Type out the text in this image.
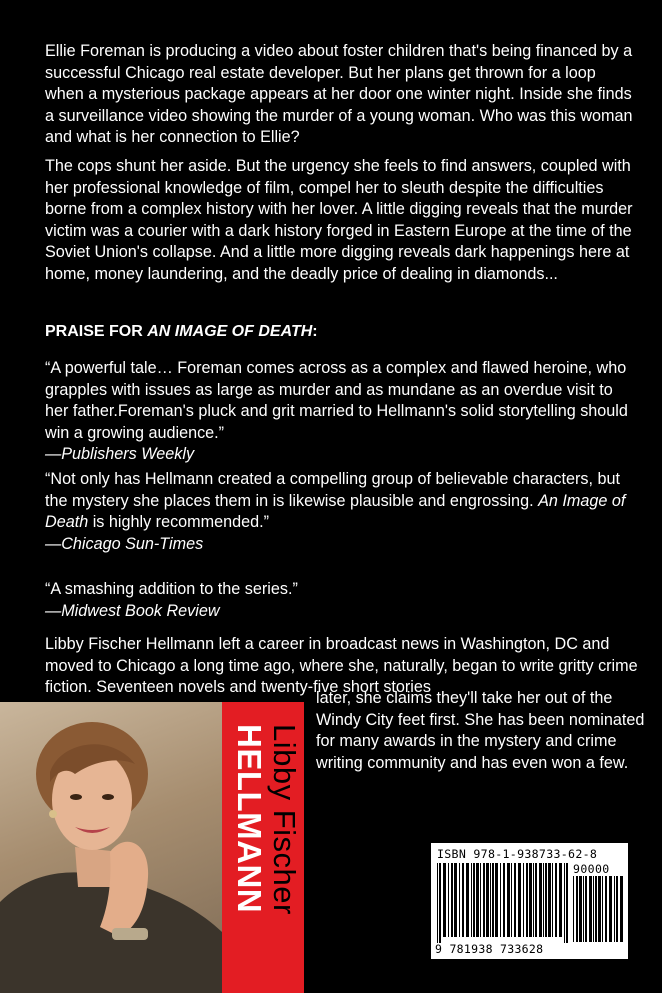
Ellie Foreman is producing a video about foster children that's being financed by a successful Chicago real estate developer. But her plans get thrown for a loop when a mysterious package appears at her door one winter night. Inside she finds a surveillance video showing the murder of a young woman. Who was this woman and what is her connection to Ellie?

The cops shunt her aside. But the urgency she feels to find answers, coupled with her professional knowledge of film, compel her to sleuth despite the difficulties borne from a complex history with her lover. A little digging reveals that the murder victim was a courier with a dark history forged in Eastern Europe at the time of the Soviet Union's collapse. And a little more digging reveals dark happenings here at home, money laundering, and the deadly price of dealing in diamonds...

PRAISE FOR AN IMAGE OF DEATH:

“A powerful tale… Foreman comes across as a complex and flawed heroine, who grapples with issues as large as murder and as mundane as an overdue visit to her father.Foreman's pluck and grit married to Hellmann's solid storytelling should win a growing audience.”
—Publishers Weekly

“Not only has Hellmann created a compelling group of believable characters, but the mystery she places them in is likewise plausible and engrossing. An Image of Death is highly recommended.”
—Chicago Sun-Times

“A smashing addition to the series.”
—Midwest Book Review

Libby Fischer Hellmann left a career in broadcast news in Washington, DC and moved to Chicago a long time ago, where she, naturally, began to write gritty crime fiction. Seventeen novels and twenty-five short stories

later, she claims they'll take her out of the Windy City feet first. She has been nominated for many awards in the mystery and crime writing community and has even won a few.

Libby Fischer
HELLMANN	ISBN 978-1-938733-62-8
90000
9 781938 733628
